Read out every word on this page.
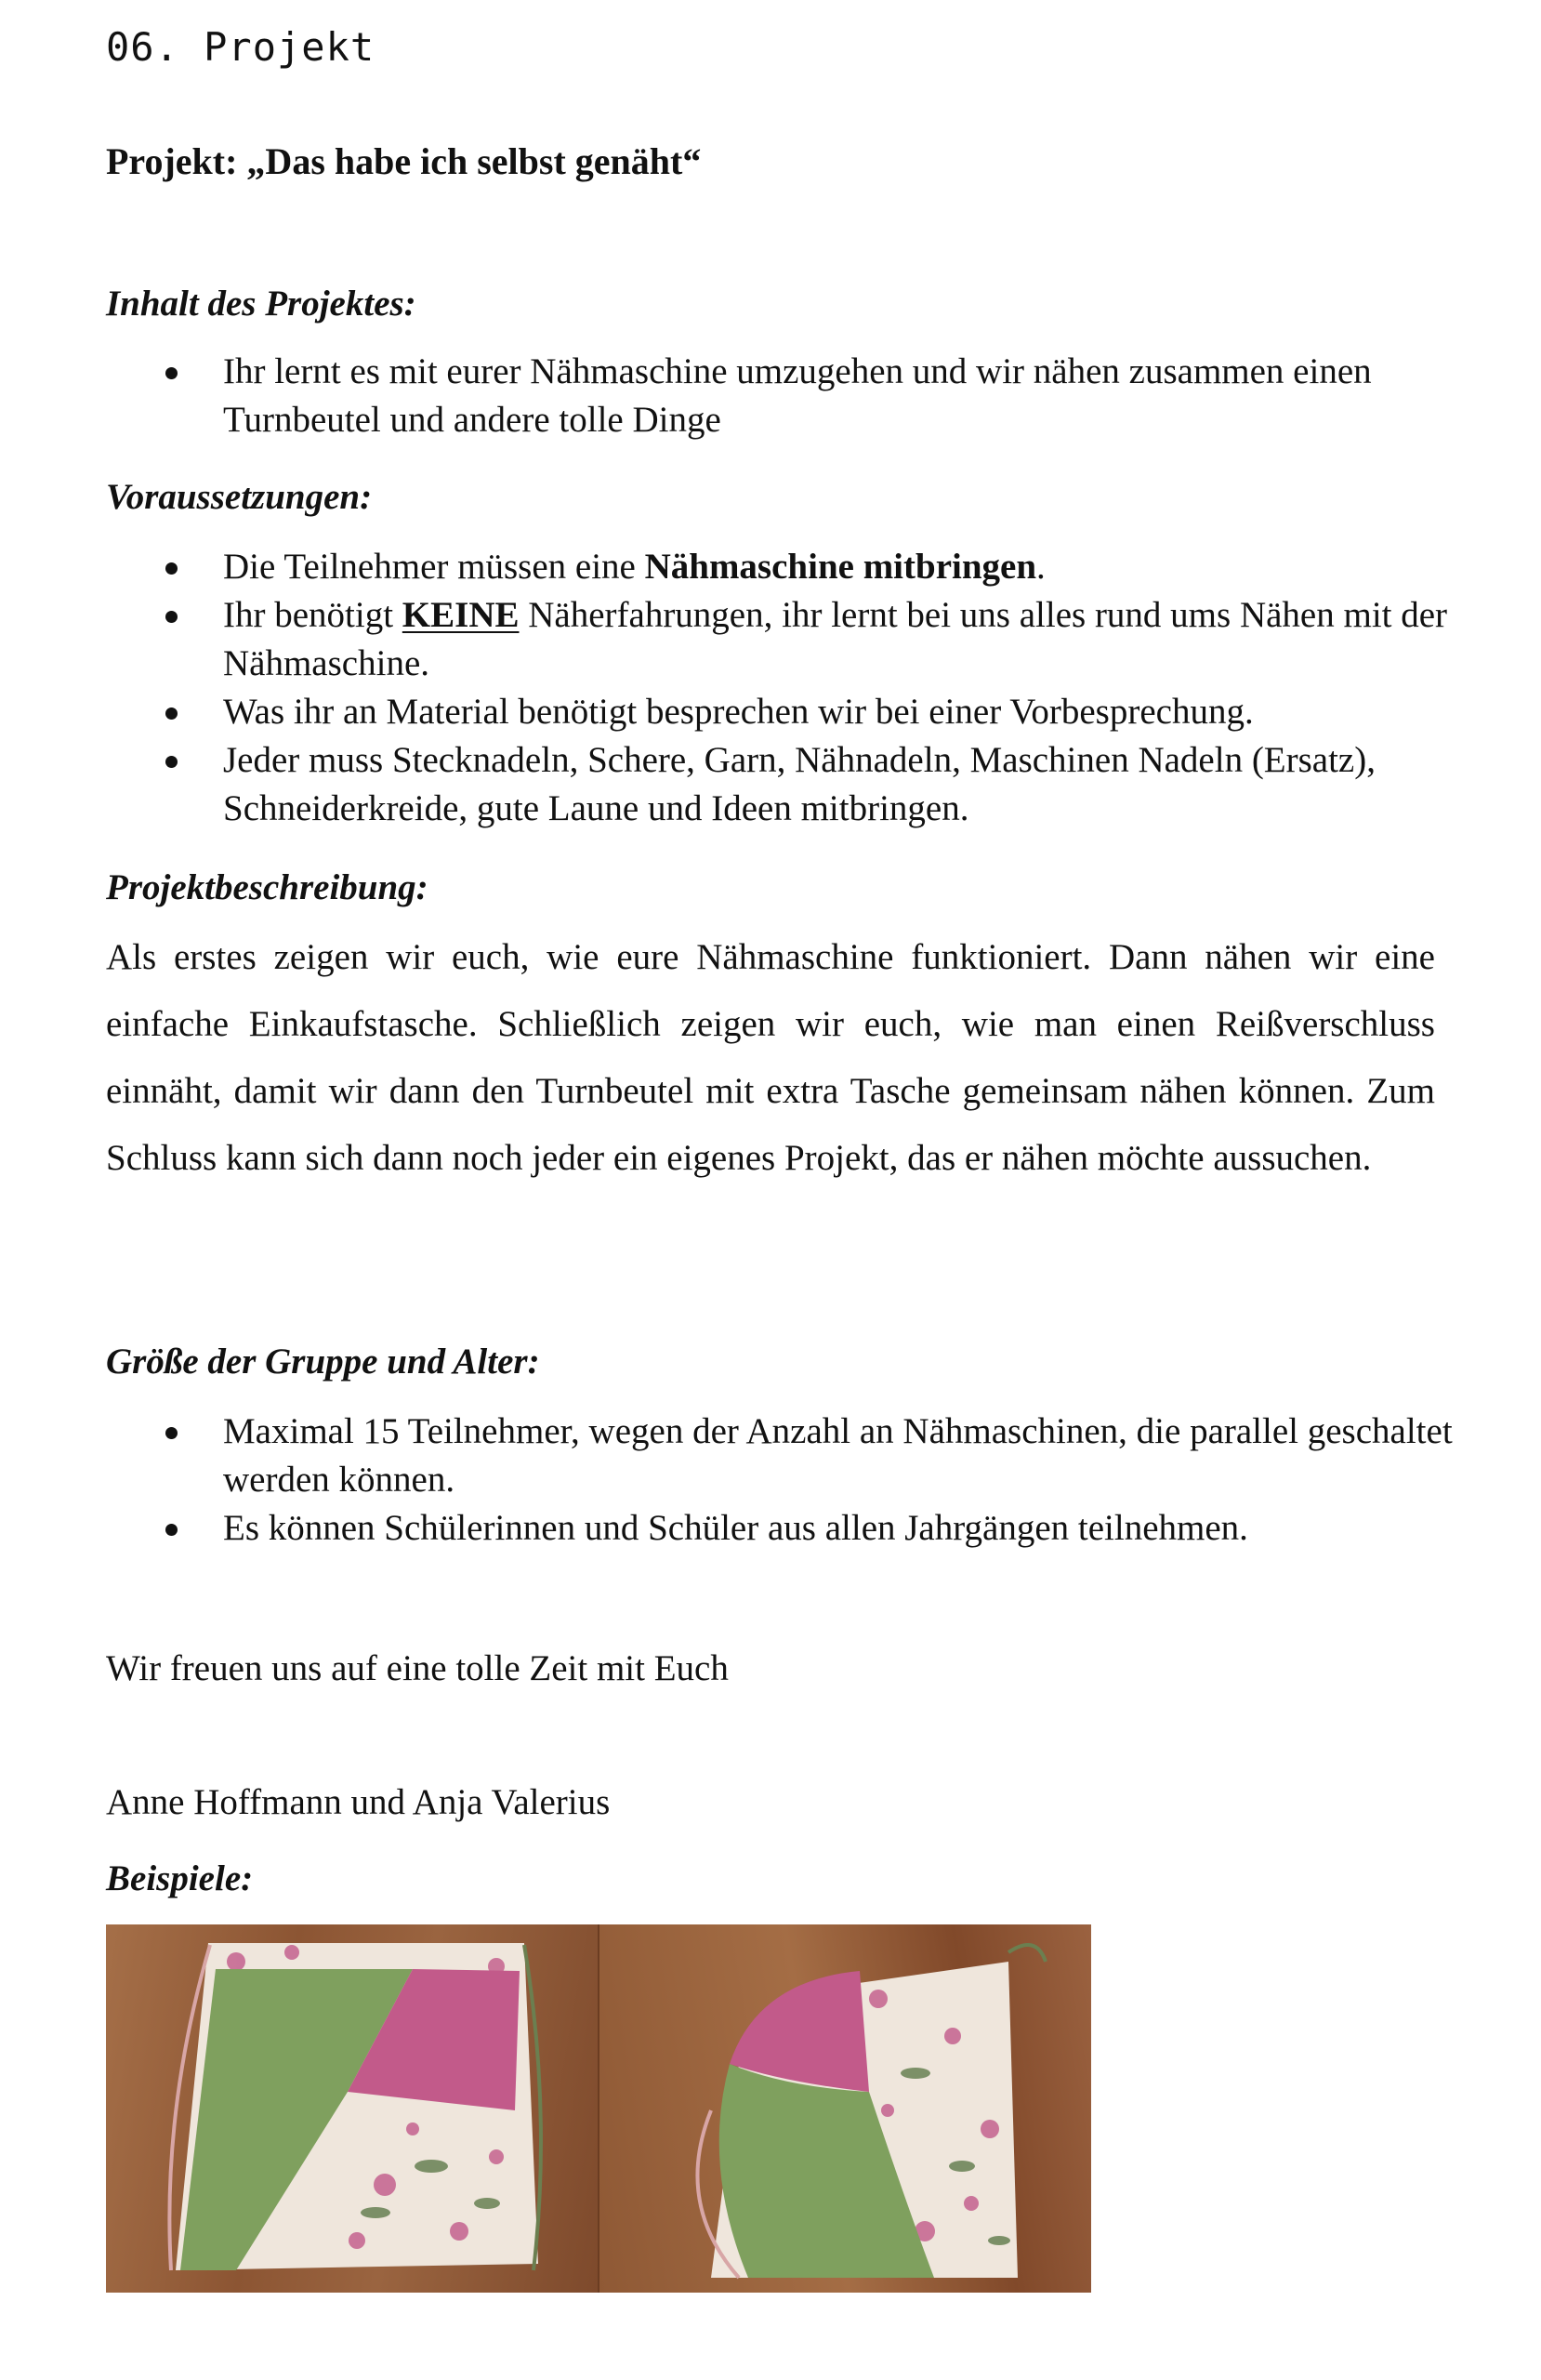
06. Projekt
Projekt: „Das habe ich selbst genäht“
Inhalt des Projektes:
Ihr lernt es mit eurer Nähmaschine umzugehen und wir nähen zusammen einen Turnbeutel und andere tolle Dinge
Voraussetzungen:
Die Teilnehmer müssen eine Nähmaschine mitbringen.
Ihr benötigt KEINE Näherfahrungen, ihr lernt bei uns alles rund ums Nähen mit der Nähmaschine.
Was ihr an Material benötigt besprechen wir bei einer Vorbesprechung.
Jeder muss Stecknadeln, Schere, Garn, Nähnadeln, Maschinen Nadeln (Ersatz), Schneiderkreide, gute Laune und Ideen mitbringen.
Projektbeschreibung:
Als erstes zeigen wir euch, wie eure Nähmaschine funktioniert. Dann nähen wir eine einfache Einkaufstasche. Schließlich zeigen wir euch, wie man einen Reißverschluss einnäht, damit wir dann den Turnbeutel mit extra Tasche gemeinsam nähen können. Zum Schluss kann sich dann noch jeder ein eigenes Projekt, das er nähen möchte aussuchen.
Größe der Gruppe und Alter:
Maximal 15 Teilnehmer, wegen der Anzahl an Nähmaschinen, die parallel geschaltet werden können.
Es können Schülerinnen und Schüler aus allen Jahrgängen teilnehmen.
Wir freuen uns auf eine tolle Zeit mit Euch
Anne Hoffmann und Anja Valerius
Beispiele:
